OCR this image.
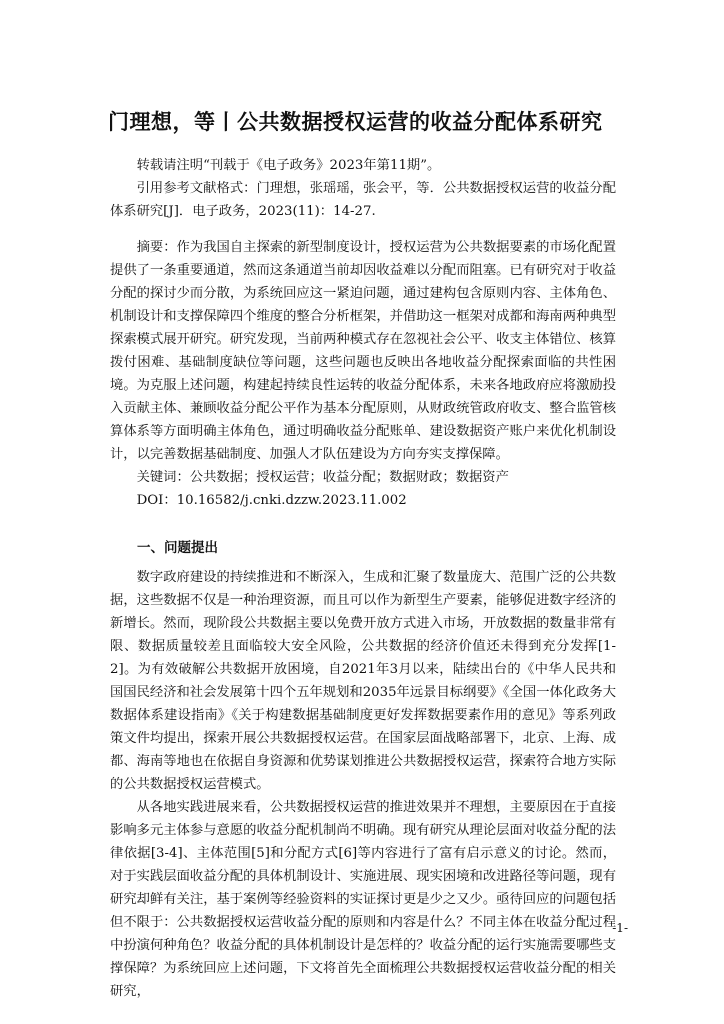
门理想，等丨公共数据授权运营的收益分配体系研究

转载请注明“刊载于《电子政务》2023年第11期”。

引用参考文献格式：门理想，张瑶瑶，张会平，等．公共数据授权运营的收益分配体系研究[J]．电子政务，2023(11)：14-27.

摘要：作为我国自主探索的新型制度设计，授权运营为公共数据要素的市场化配置提供了一条重要通道，然而这条通道当前却因收益难以分配而阻塞。已有研究对于收益分配的探讨少而分散，为系统回应这一紧迫问题，通过建构包含原则内容、主体角色、机制设计和支撑保障四个维度的整合分析框架，并借助这一框架对成都和海南两种典型探索模式展开研究。研究发现，当前两种模式存在忽视社会公平、收支主体错位、核算拨付困难、基础制度缺位等问题，这些问题也反映出各地收益分配探索面临的共性困境。为克服上述问题，构建起持续良性运转的收益分配体系，未来各地政府应将激励投入贡献主体、兼顾收益分配公平作为基本分配原则，从财政统管政府收支、整合监管核算体系等方面明确主体角色，通过明确收益分配账单、建设数据资产账户来优化机制设计，以完善数据基础制度、加强人才队伍建设为方向夯实支撑保障。

关键词：公共数据；授权运营；收益分配；数据财政；数据资产

DOI：10.16582/j.cnki.dzzw.2023.11.002

一、问题提出

数字政府建设的持续推进和不断深入，生成和汇聚了数量庞大、范围广泛的公共数据，这些数据不仅是一种治理资源，而且可以作为新型生产要素，能够促进数字经济的新增长。然而，现阶段公共数据主要以免费开放方式进入市场，开放数据的数量非常有限、数据质量较差且面临较大安全风险，公共数据的经济价值还未得到充分发挥[1-2]。为有效破解公共数据开放困境，自2021年3月以来，陆续出台的《中华人民共和国国民经济和社会发展第十四个五年规划和2035年远景目标纲要》《全国一体化政务大数据体系建设指南》《关于构建数据基础制度更好发挥数据要素作用的意见》等系列政策文件均提出，探索开展公共数据授权运营。在国家层面战略部署下，北京、上海、成都、海南等地也在依据自身资源和优势谋划推进公共数据授权运营，探索符合地方实际的公共数据授权运营模式。

从各地实践进展来看，公共数据授权运营的推进效果并不理想，主要原因在于直接影响多元主体参与意愿的收益分配机制尚不明确。现有研究从理论层面对收益分配的法律依据[3-4]、主体范围[5]和分配方式[6]等内容进行了富有启示意义的讨论。然而，对于实践层面收益分配的具体机制设计、实施进展、现实困境和改进路径等问题，现有研究却鲜有关注，基于案例等经验资料的实证探讨更是少之又少。亟待回应的问题包括但不限于：公共数据授权运营收益分配的原则和内容是什么？不同主体在收益分配过程中扮演何种角色？收益分配的具体机制设计是怎样的？收益分配的运行实施需要哪些支撑保障？为系统回应上述问题，下文将首先全面梳理公共数据授权运营收益分配的相关研究，

-1-
